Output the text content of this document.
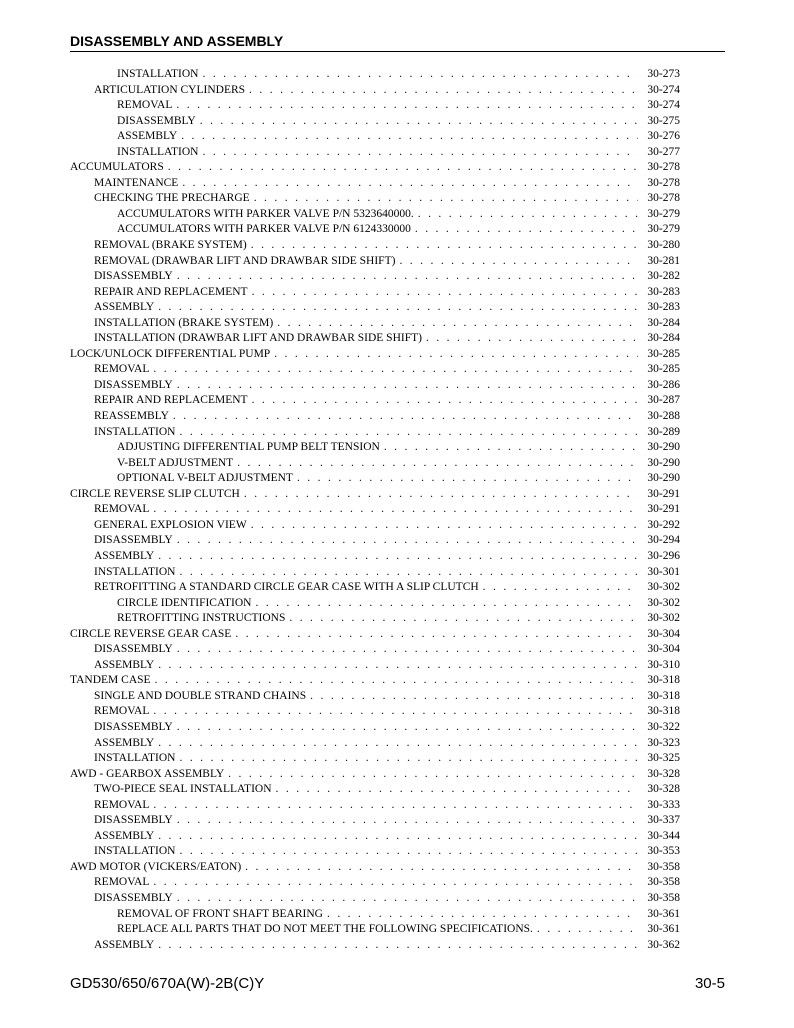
DISASSEMBLY AND ASSEMBLY
INSTALLATION . . .	30-273
ARTICULATION CYLINDERS . . .	30-274
REMOVAL . . .	30-274
DISASSEMBLY . . .	30-275
ASSEMBLY . . .	30-276
INSTALLATION . . .	30-277
ACCUMULATORS . . .	30-278
MAINTENANCE . . .	30-278
CHECKING THE PRECHARGE . . .	30-278
ACCUMULATORS WITH PARKER VALVE P/N 5323640000. . . .	30-279
ACCUMULATORS WITH PARKER VALVE P/N 6124330000 . . .	30-279
REMOVAL (BRAKE SYSTEM) . . .	30-280
REMOVAL (DRAWBAR LIFT AND DRAWBAR SIDE SHIFT) . . .	30-281
DISASSEMBLY . . .	30-282
REPAIR AND REPLACEMENT . . .	30-283
ASSEMBLY . . .	30-283
INSTALLATION (BRAKE SYSTEM) . . .	30-284
INSTALLATION (DRAWBAR LIFT AND DRAWBAR SIDE SHIFT) . . .	30-284
LOCK/UNLOCK DIFFERENTIAL PUMP . . .	30-285
REMOVAL . . .	30-285
DISASSEMBLY . . .	30-286
REPAIR AND REPLACEMENT . . .	30-287
REASSEMBLY . . .	30-288
INSTALLATION . . .	30-289
ADJUSTING DIFFERENTIAL PUMP BELT TENSION . . .	30-290
V-BELT ADJUSTMENT . . .	30-290
OPTIONAL V-BELT ADJUSTMENT . . .	30-290
CIRCLE REVERSE SLIP CLUTCH . . .	30-291
REMOVAL . . .	30-291
GENERAL EXPLOSION VIEW . . .	30-292
DISASSEMBLY . . .	30-294
ASSEMBLY . . .	30-296
INSTALLATION . . .	30-301
RETROFITTING A STANDARD CIRCLE GEAR CASE WITH A SLIP CLUTCH . . .	30-302
CIRCLE IDENTIFICATION . . .	30-302
RETROFITTING INSTRUCTIONS . . .	30-302
CIRCLE REVERSE GEAR CASE . . .	30-304
DISASSEMBLY . . .	30-304
ASSEMBLY . . .	30-310
TANDEM CASE . . .	30-318
SINGLE AND DOUBLE STRAND CHAINS . . .	30-318
REMOVAL . . .	30-318
DISASSEMBLY . . .	30-322
ASSEMBLY . . .	30-323
INSTALLATION . . .	30-325
AWD - GEARBOX ASSEMBLY . . .	30-328
TWO-PIECE SEAL INSTALLATION . . .	30-328
REMOVAL . . .	30-333
DISASSEMBLY . . .	30-337
ASSEMBLY . . .	30-344
INSTALLATION . . .	30-353
AWD MOTOR (VICKERS/EATON) . . .	30-358
REMOVAL . . .	30-358
DISASSEMBLY . . .	30-358
REMOVAL OF FRONT SHAFT BEARING . . .	30-361
REPLACE ALL PARTS THAT DO NOT MEET THE FOLLOWING SPECIFICATIONS. . . .	30-361
ASSEMBLY . . .	30-362
GD530/650/670A(W)-2B(C)Y	30-5
